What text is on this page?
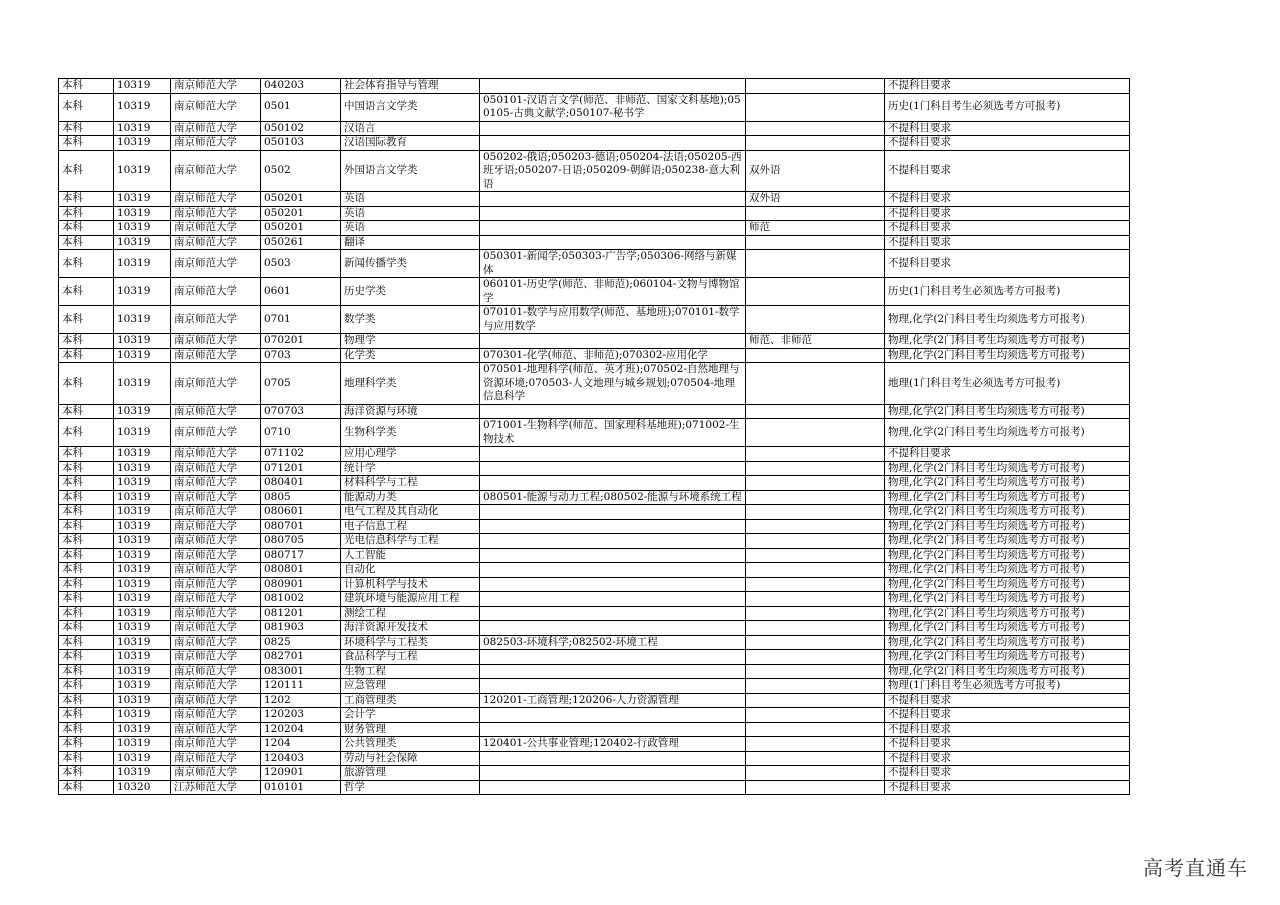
本科	10319	南京师范大学	040203	社会体育指导与管理			不提科目要求
本科	10319	南京师范大学	0501	中国语言文学类	050101-汉语言文学(师范、非师范、国家文科基地);050105-古典文献学;050107-秘书学		历史(1门科目考生必须选考方可报考)
本科	10319	南京师范大学	050102	汉语言			不提科目要求
本科	10319	南京师范大学	050103	汉语国际教育			不提科目要求
本科	10319	南京师范大学	0502	外国语言文学类	050202-俄语;050203-德语;050204-法语;050205-西班牙语;050207-日语;050209-朝鲜语;050238-意大利语	双外语	不提科目要求
本科	10319	南京师范大学	050201	英语		双外语	不提科目要求
本科	10319	南京师范大学	050201	英语			不提科目要求
本科	10319	南京师范大学	050201	英语		师范	不提科目要求
本科	10319	南京师范大学	050261	翻译			不提科目要求
本科	10319	南京师范大学	0503	新闻传播学类	050301-新闻学;050303-广告学;050306-网络与新媒体		不提科目要求
本科	10319	南京师范大学	0601	历史学类	060101-历史学(师范、非师范);060104-文物与博物馆学		历史(1门科目考生必须选考方可报考)
本科	10319	南京师范大学	0701	数学类	070101-数学与应用数学(师范、基地班);070101-数学与应用数学		物理,化学(2门科目考生均须选考方可报考)
本科	10319	南京师范大学	070201	物理学		师范、非师范	物理,化学(2门科目考生均须选考方可报考)
本科	10319	南京师范大学	0703	化学类	070301-化学(师范、非师范);070302-应用化学		物理,化学(2门科目考生均须选考方可报考)
本科	10319	南京师范大学	0705	地理科学类	070501-地理科学(师范、英才班);070502-自然地理与资源环境;070503-人文地理与城乡规划;070504-地理信息科学		地理(1门科目考生必须选考方可报考)
本科	10319	南京师范大学	070703	海洋资源与环境			物理,化学(2门科目考生均须选考方可报考)
本科	10319	南京师范大学	0710	生物科学类	071001-生物科学(师范、国家理科基地班);071002-生物技术		物理,化学(2门科目考生均须选考方可报考)
本科	10319	南京师范大学	071102	应用心理学			不提科目要求
本科	10319	南京师范大学	071201	统计学			物理,化学(2门科目考生均须选考方可报考)
本科	10319	南京师范大学	080401	材料科学与工程			物理,化学(2门科目考生均须选考方可报考)
本科	10319	南京师范大学	0805	能源动力类	080501-能源与动力工程;080502-能源与环境系统工程		物理,化学(2门科目考生均须选考方可报考)
本科	10319	南京师范大学	080601	电气工程及其自动化			物理,化学(2门科目考生均须选考方可报考)
本科	10319	南京师范大学	080701	电子信息工程			物理,化学(2门科目考生均须选考方可报考)
本科	10319	南京师范大学	080705	光电信息科学与工程			物理,化学(2门科目考生均须选考方可报考)
本科	10319	南京师范大学	080717	人工智能			物理,化学(2门科目考生均须选考方可报考)
本科	10319	南京师范大学	080801	自动化			物理,化学(2门科目考生均须选考方可报考)
本科	10319	南京师范大学	080901	计算机科学与技术			物理,化学(2门科目考生均须选考方可报考)
本科	10319	南京师范大学	081002	建筑环境与能源应用工程			物理,化学(2门科目考生均须选考方可报考)
本科	10319	南京师范大学	081201	测绘工程			物理,化学(2门科目考生均须选考方可报考)
本科	10319	南京师范大学	081903	海洋资源开发技术			物理,化学(2门科目考生均须选考方可报考)
本科	10319	南京师范大学	0825	环境科学与工程类	082503-环境科学;082502-环境工程		物理,化学(2门科目考生均须选考方可报考)
本科	10319	南京师范大学	082701	食品科学与工程			物理,化学(2门科目考生均须选考方可报考)
本科	10319	南京师范大学	083001	生物工程			物理,化学(2门科目考生均须选考方可报考)
本科	10319	南京师范大学	120111	应急管理			物理(1门科目考生必须选考方可报考)
本科	10319	南京师范大学	1202	工商管理类	120201-工商管理;120206-人力资源管理		不提科目要求
本科	10319	南京师范大学	120203	会计学			不提科目要求
本科	10319	南京师范大学	120204	财务管理			不提科目要求
本科	10319	南京师范大学	1204	公共管理类	120401-公共事业管理;120402-行政管理		不提科目要求
本科	10319	南京师范大学	120403	劳动与社会保障			不提科目要求
本科	10319	南京师范大学	120901	旅游管理			不提科目要求
本科	10320	江苏师范大学	010101	哲学			不提科目要求
高考直通车
